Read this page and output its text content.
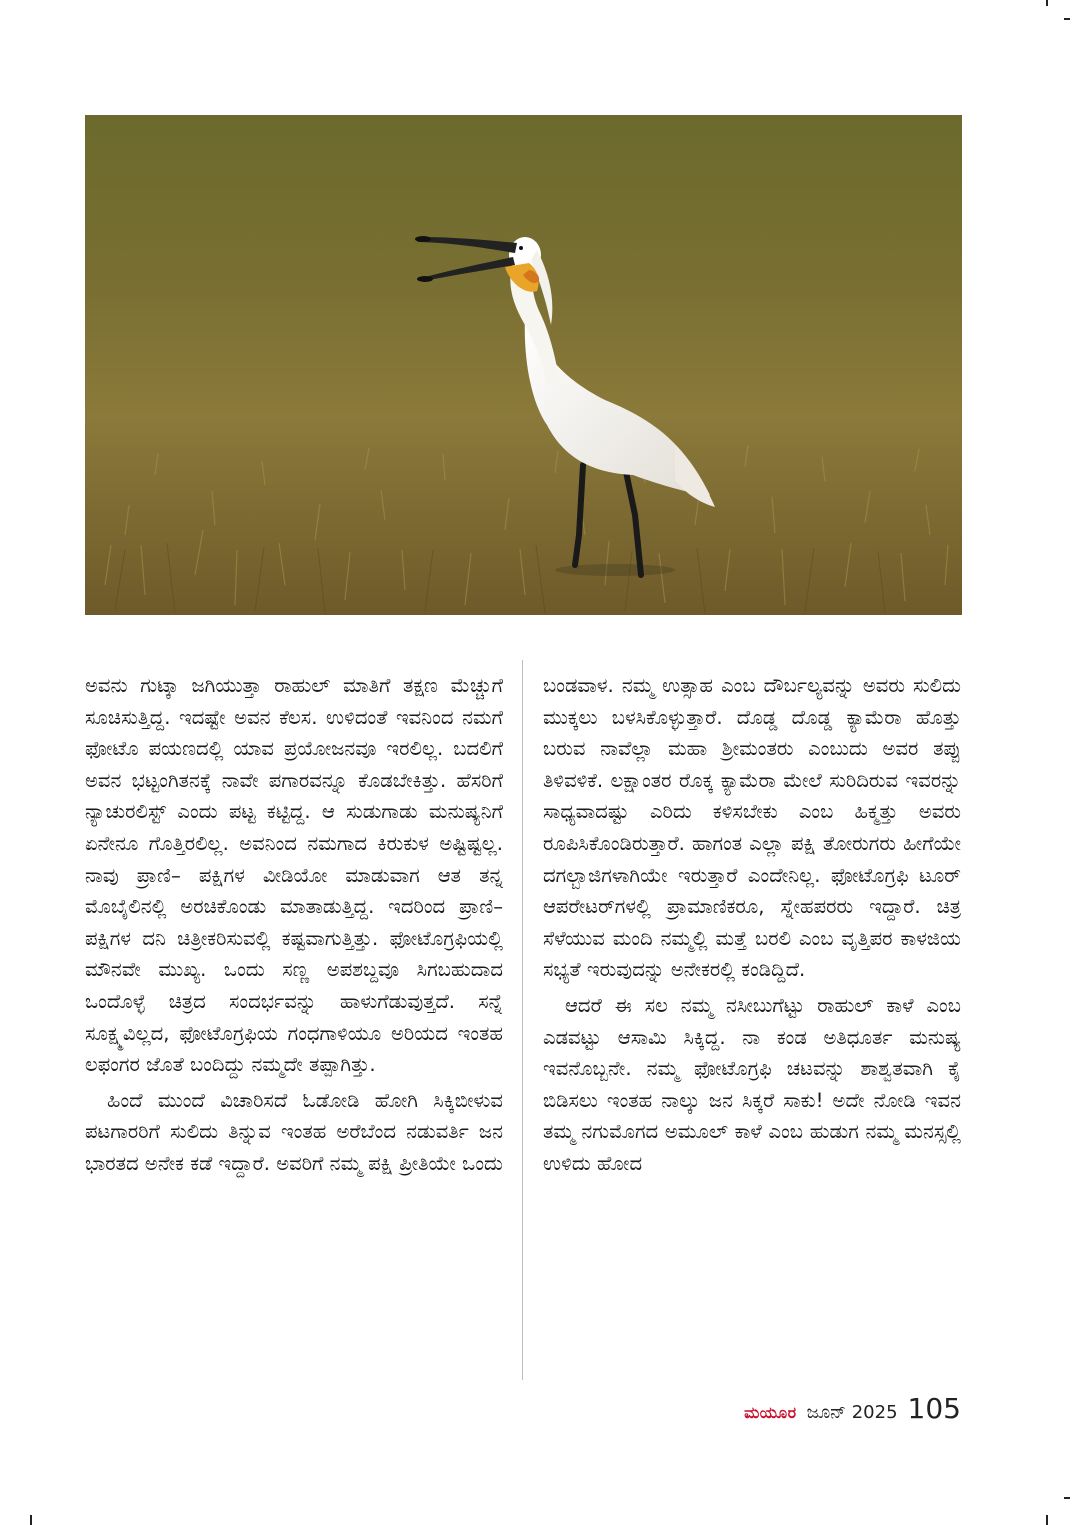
ಅವನು ಗುಟ್ಕಾ ಜಗಿಯುತ್ತಾ ರಾಹುಲ್ ಮಾತಿಗೆ ತಕ್ಷಣ ಮೆಚ್ಚುಗೆ ಸೂಚಿಸುತ್ತಿದ್ದ. ಇದಷ್ಟೇ ಅವನ ಕೆಲಸ. ಉಳಿದಂತೆ ಇವನಿಂದ ನಮಗೆ ಫೋಟೊ ಪಯಣದಲ್ಲಿ ಯಾವ ಪ್ರಯೋಜನವೂ ಇರಲಿಲ್ಲ. ಬದಲಿಗೆ ಅವನ ಭಟ್ಟಂಗಿತನಕ್ಕೆ ನಾವೇ ಪಗಾರವನ್ನೂ ಕೊಡಬೇಕಿತ್ತು. ಹೆಸರಿಗೆ ನ್ಯಾಚುರಲಿಸ್ಟ್ ಎಂದು ಪಟ್ಟ ಕಟ್ಟಿದ್ದ. ಆ ಸುಡುಗಾಡು ಮನುಷ್ಯನಿಗೆ ಏನೇನೂ ಗೊತ್ತಿರಲಿಲ್ಲ. ಅವನಿಂದ ನಮಗಾದ ಕಿರುಕುಳ ಅಷ್ಟಿಷ್ಟಲ್ಲ. ನಾವು ಪ್ರಾಣಿ– ಪಕ್ಷಿಗಳ ವೀಡಿಯೋ ಮಾಡುವಾಗ ಆತ ತನ್ನ ಮೊಬೈಲಿನಲ್ಲಿ ಅರಚಿಕೊಂಡು ಮಾತಾಡುತ್ತಿದ್ದ. ಇದರಿಂದ ಪ್ರಾಣಿ– ಪಕ್ಷಿಗಳ ದನಿ ಚಿತ್ರೀಕರಿಸುವಲ್ಲಿ ಕಷ್ಟವಾಗುತ್ತಿತ್ತು. ಫೋಟೊಗ್ರಫಿಯಲ್ಲಿ ಮೌನವೇ ಮುಖ್ಯ. ಒಂದು ಸಣ್ಣ ಅಪಶಬ್ದವೂ ಸಿಗಬಹುದಾದ ಒಂದೊಳ್ಳೆ ಚಿತ್ರದ ಸಂದರ್ಭವನ್ನು ಹಾಳುಗೆಡುವುತ್ತದೆ. ಸನ್ನೆ ಸೂಕ್ಷ್ಮವಿಲ್ಲದ, ಫೋಟೊಗ್ರಫಿಯ ಗಂಧಗಾಳಿಯೂ ಅರಿಯದ ಇಂತಹ ಲಫಂಗರ ಜೊತೆ ಬಂದಿದ್ದು ನಮ್ಮದೇ ತಪ್ಪಾಗಿತ್ತು.

ಹಿಂದೆ ಮುಂದೆ ವಿಚಾರಿಸದೆ ಓಡೋಡಿ ಹೋಗಿ ಸಿಕ್ಕಿಬೀಳುವ ಪಟಗಾರರಿಗೆ ಸುಲಿದು ತಿನ್ನುವ ಇಂತಹ ಅರೆಬೆಂದ ನಡುವರ್ತಿ ಜನ ಭಾರತದ ಅನೇಕ ಕಡೆ ಇದ್ದಾರೆ. ಅವರಿಗೆ ನಮ್ಮ ಪಕ್ಷಿ ಪ್ರೀತಿಯೇ ಒಂದು

ಬಂಡವಾಳ. ನಮ್ಮ ಉತ್ಸಾಹ ಎಂಬ ದೌರ್ಬಲ್ಯವನ್ನು ಅವರು ಸುಲಿದು ಮುಕ್ಕಲು ಬಳಸಿಕೊಳ್ಳುತ್ತಾರೆ. ದೊಡ್ಡ ದೊಡ್ಡ ಕ್ಯಾಮೆರಾ ಹೊತ್ತು ಬರುವ ನಾವೆಲ್ಲಾ ಮಹಾ ಶ್ರೀಮಂತರು ಎಂಬುದು ಅವರ ತಪ್ಪು ತಿಳಿವಳಿಕೆ. ಲಕ್ಷಾಂತರ ರೊಕ್ಕ ಕ್ಯಾಮೆರಾ ಮೇಲೆ ಸುರಿದಿರುವ ಇವರನ್ನು ಸಾಧ್ಯವಾದಷ್ಟು ಎರಿದು ಕಳಿಸಬೇಕು ಎಂಬ ಹಿಕ್ಮತ್ತು ಅವರು ರೂಪಿಸಿಕೊಂಡಿರುತ್ತಾರೆ. ಹಾಗಂತ ಎಲ್ಲಾ ಪಕ್ಷಿ ತೋರುಗರು ಹೀಗೆಯೇ ದಗಲ್ಬಾಜಿಗಳಾಗಿಯೇ ಇರುತ್ತಾರೆ ಎಂದೇನಿಲ್ಲ. ಫೋಟೊಗ್ರಫಿ ಟೂರ್ ಆಪರೇಟರ್‌ಗಳಲ್ಲಿ ಪ್ರಾಮಾಣಿಕರೂ, ಸ್ನೇಹಪರರು ಇದ್ದಾರೆ. ಚಿತ್ರ ಸೆಳೆಯುವ ಮಂದಿ ನಮ್ಮಲ್ಲಿ ಮತ್ತೆ ಬರಲಿ ಎಂಬ ವೃತ್ತಿಪರ ಕಾಳಜಿಯ ಸಭ್ಯತೆ ಇರುವುದನ್ನು ಅನೇಕರಲ್ಲಿ ಕಂಡಿದ್ದಿದೆ.

ಆದರೆ ಈ ಸಲ ನಮ್ಮ ನಸೀಬುಗೆಟ್ಟು ರಾಹುಲ್ ಕಾಳೆ ಎಂಬ ಎಡವಟ್ಟು ಆಸಾಮಿ ಸಿಕ್ಕಿದ್ದ. ನಾ ಕಂಡ ಅತಿಧೂರ್ತ ಮನುಷ್ಯ ಇವನೊಬ್ಬನೇ. ನಮ್ಮ ಫೋಟೊಗ್ರಫಿ ಚಟವನ್ನು ಶಾಶ್ವತವಾಗಿ ಕೈ ಬಿಡಿಸಲು ಇಂತಹ ನಾಲ್ಕು ಜನ ಸಿಕ್ಕರೆ ಸಾಕು! ಅದೇ ನೋಡಿ ಇವನ ತಮ್ಮ ನಗುಮೊಗದ ಅಮೂಲ್ ಕಾಳೆ ಎಂಬ ಹುಡುಗ ನಮ್ಮ ಮನಸ್ಸಲ್ಲಿ ಉಳಿದು ಹೋದ

ಮಯೂರ ಜೂನ್ 2025 105
